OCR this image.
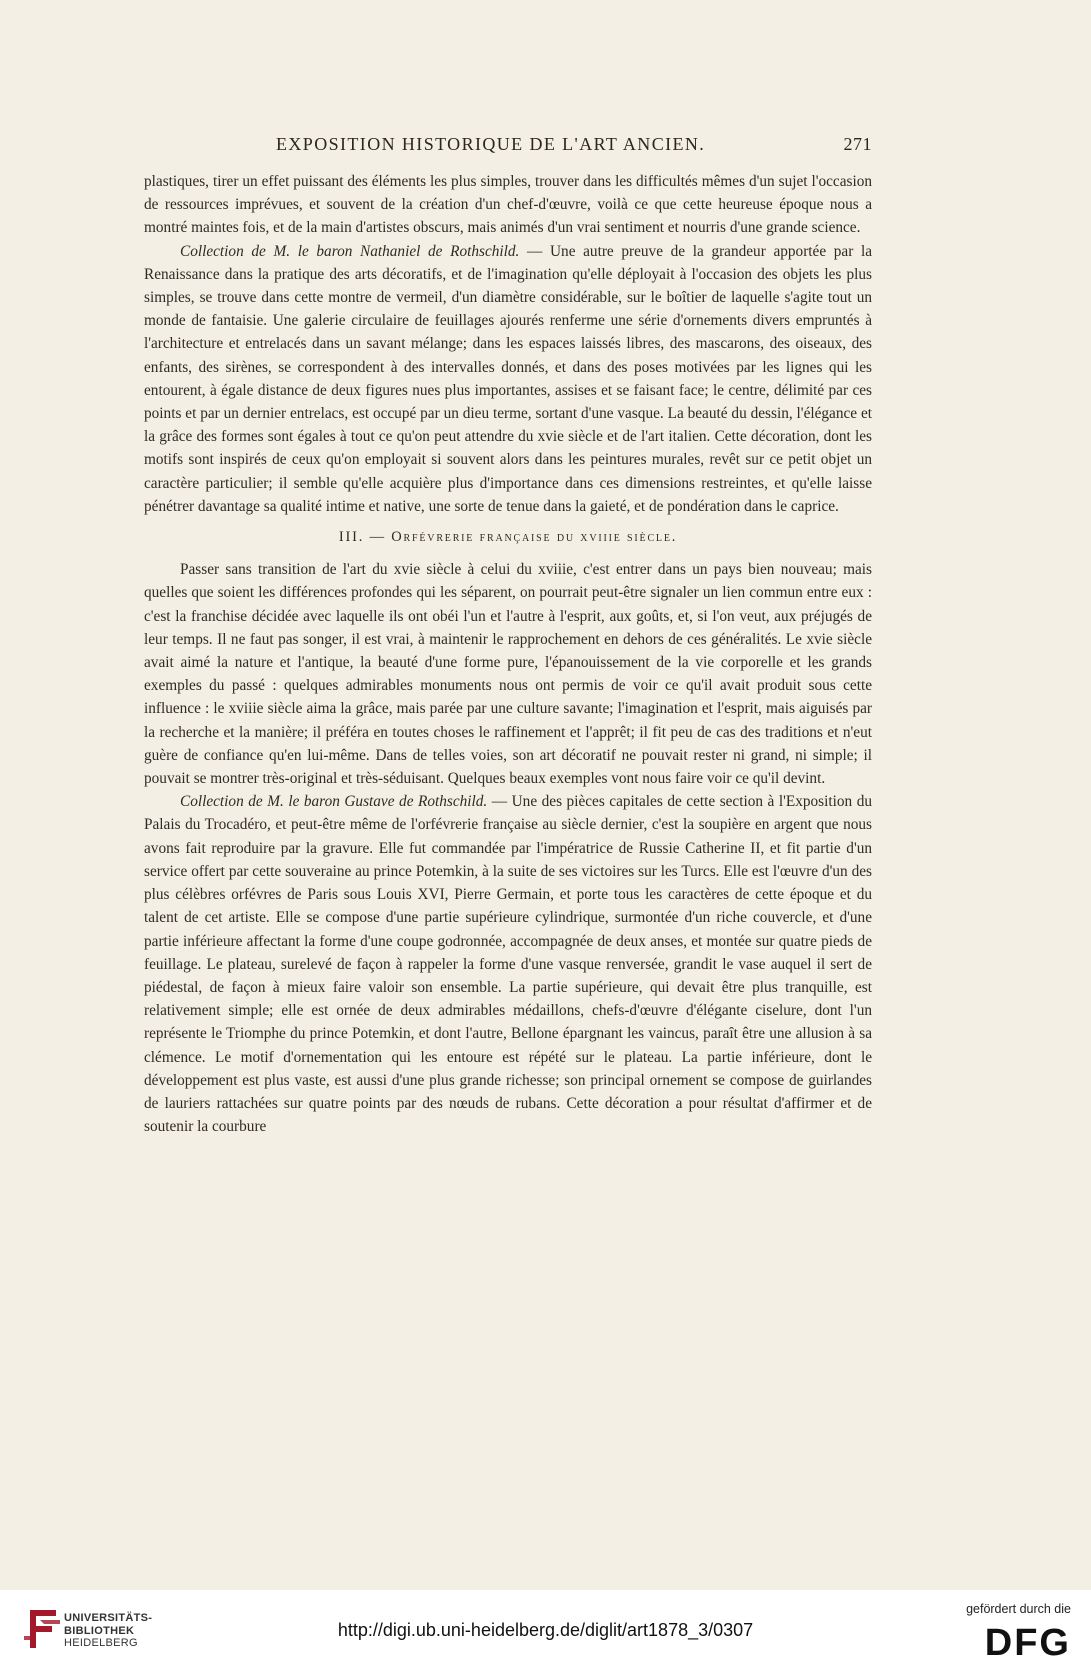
EXPOSITION HISTORIQUE DE L'ART ANCIEN.	271

plastiques, tirer un effet puissant des éléments les plus simples, trouver dans les difficultés mêmes d'un sujet l'occasion de ressources imprévues, et souvent de la création d'un chef-d'œuvre, voilà ce que cette heureuse époque nous a montré maintes fois, et de la main d'artistes obscurs, mais animés d'un vrai sentiment et nourris d'une grande science.

Collection de M. le baron Nathaniel de Rothschild. — Une autre preuve de la grandeur apportée par la Renaissance dans la pratique des arts décoratifs, et de l'imagination qu'elle déployait à l'occasion des objets les plus simples, se trouve dans cette montre de vermeil, d'un diamètre considérable, sur le boîtier de laquelle s'agite tout un monde de fantaisie. Une galerie circulaire de feuillages ajourés renferme une série d'ornements divers empruntés à l'architecture et entrelacés dans un savant mélange; dans les espaces laissés libres, des mascarons, des oiseaux, des enfants, des sirènes, se correspondent à des intervalles donnés, et dans des poses motivées par les lignes qui les entourent, à égale distance de deux figures nues plus importantes, assises et se faisant face; le centre, délimité par ces points et par un dernier entrelacs, est occupé par un dieu terme, sortant d'une vasque. La beauté du dessin, l'élégance et la grâce des formes sont égales à tout ce qu'on peut attendre du xvie siècle et de l'art italien. Cette décoration, dont les motifs sont inspirés de ceux qu'on employait si souvent alors dans les peintures murales, revêt sur ce petit objet un caractère particulier; il semble qu'elle acquière plus d'importance dans ces dimensions restreintes, et qu'elle laisse pénétrer davantage sa qualité intime et native, une sorte de tenue dans la gaieté, et de pondération dans le caprice.

III. — Orfévrerie française du xviiie siècle.

Passer sans transition de l'art du xvie siècle à celui du xviiie, c'est entrer dans un pays bien nouveau; mais quelles que soient les différences profondes qui les séparent, on pourrait peut-être signaler un lien commun entre eux : c'est la franchise décidée avec laquelle ils ont obéi l'un et l'autre à l'esprit, aux goûts, et, si l'on veut, aux préjugés de leur temps. Il ne faut pas songer, il est vrai, à maintenir le rapprochement en dehors de ces généralités. Le xvie siècle avait aimé la nature et l'antique, la beauté d'une forme pure, l'épanouissement de la vie corporelle et les grands exemples du passé : quelques admirables monuments nous ont permis de voir ce qu'il avait produit sous cette influence : le xviiie siècle aima la grâce, mais parée par une culture savante; l'imagination et l'esprit, mais aiguisés par la recherche et la manière; il préféra en toutes choses le raffinement et l'apprêt; il fit peu de cas des traditions et n'eut guère de confiance qu'en lui-même. Dans de telles voies, son art décoratif ne pouvait rester ni grand, ni simple; il pouvait se montrer très-original et très-séduisant. Quelques beaux exemples vont nous faire voir ce qu'il devint.

Collection de M. le baron Gustave de Rothschild. — Une des pièces capitales de cette section à l'Exposition du Palais du Trocadéro, et peut-être même de l'orfévrerie française au siècle dernier, c'est la soupière en argent que nous avons fait reproduire par la gravure. Elle fut commandée par l'impératrice de Russie Catherine II, et fit partie d'un service offert par cette souveraine au prince Potemkin, à la suite de ses victoires sur les Turcs. Elle est l'œuvre d'un des plus célèbres orfévres de Paris sous Louis XVI, Pierre Germain, et porte tous les caractères de cette époque et du talent de cet artiste. Elle se compose d'une partie supérieure cylindrique, surmontée d'un riche couvercle, et d'une partie inférieure affectant la forme d'une coupe godronnée, accompagnée de deux anses, et montée sur quatre pieds de feuillage. Le plateau, surelevé de façon à rappeler la forme d'une vasque renversée, grandit le vase auquel il sert de piédestal, de façon à mieux faire valoir son ensemble. La partie supérieure, qui devait être plus tranquille, est relativement simple; elle est ornée de deux admirables médaillons, chefs-d'œuvre d'élégante ciselure, dont l'un représente le Triomphe du prince Potemkin, et dont l'autre, Bellone épargnant les vaincus, paraît être une allusion à sa clémence. Le motif d'ornementation qui les entoure est répété sur le plateau. La partie inférieure, dont le développement est plus vaste, est aussi d'une plus grande richesse; son principal ornement se compose de guirlandes de lauriers rattachées sur quatre points par des nœuds de rubans. Cette décoration a pour résultat d'affirmer et de soutenir la courbure

UNIVERSITÄTS-
BIBLIOTHEK
HEIDELBERG
http://digi.ub.uni-heidelberg.de/diglit/art1878_3/0307
gefördert durch die
DFG
